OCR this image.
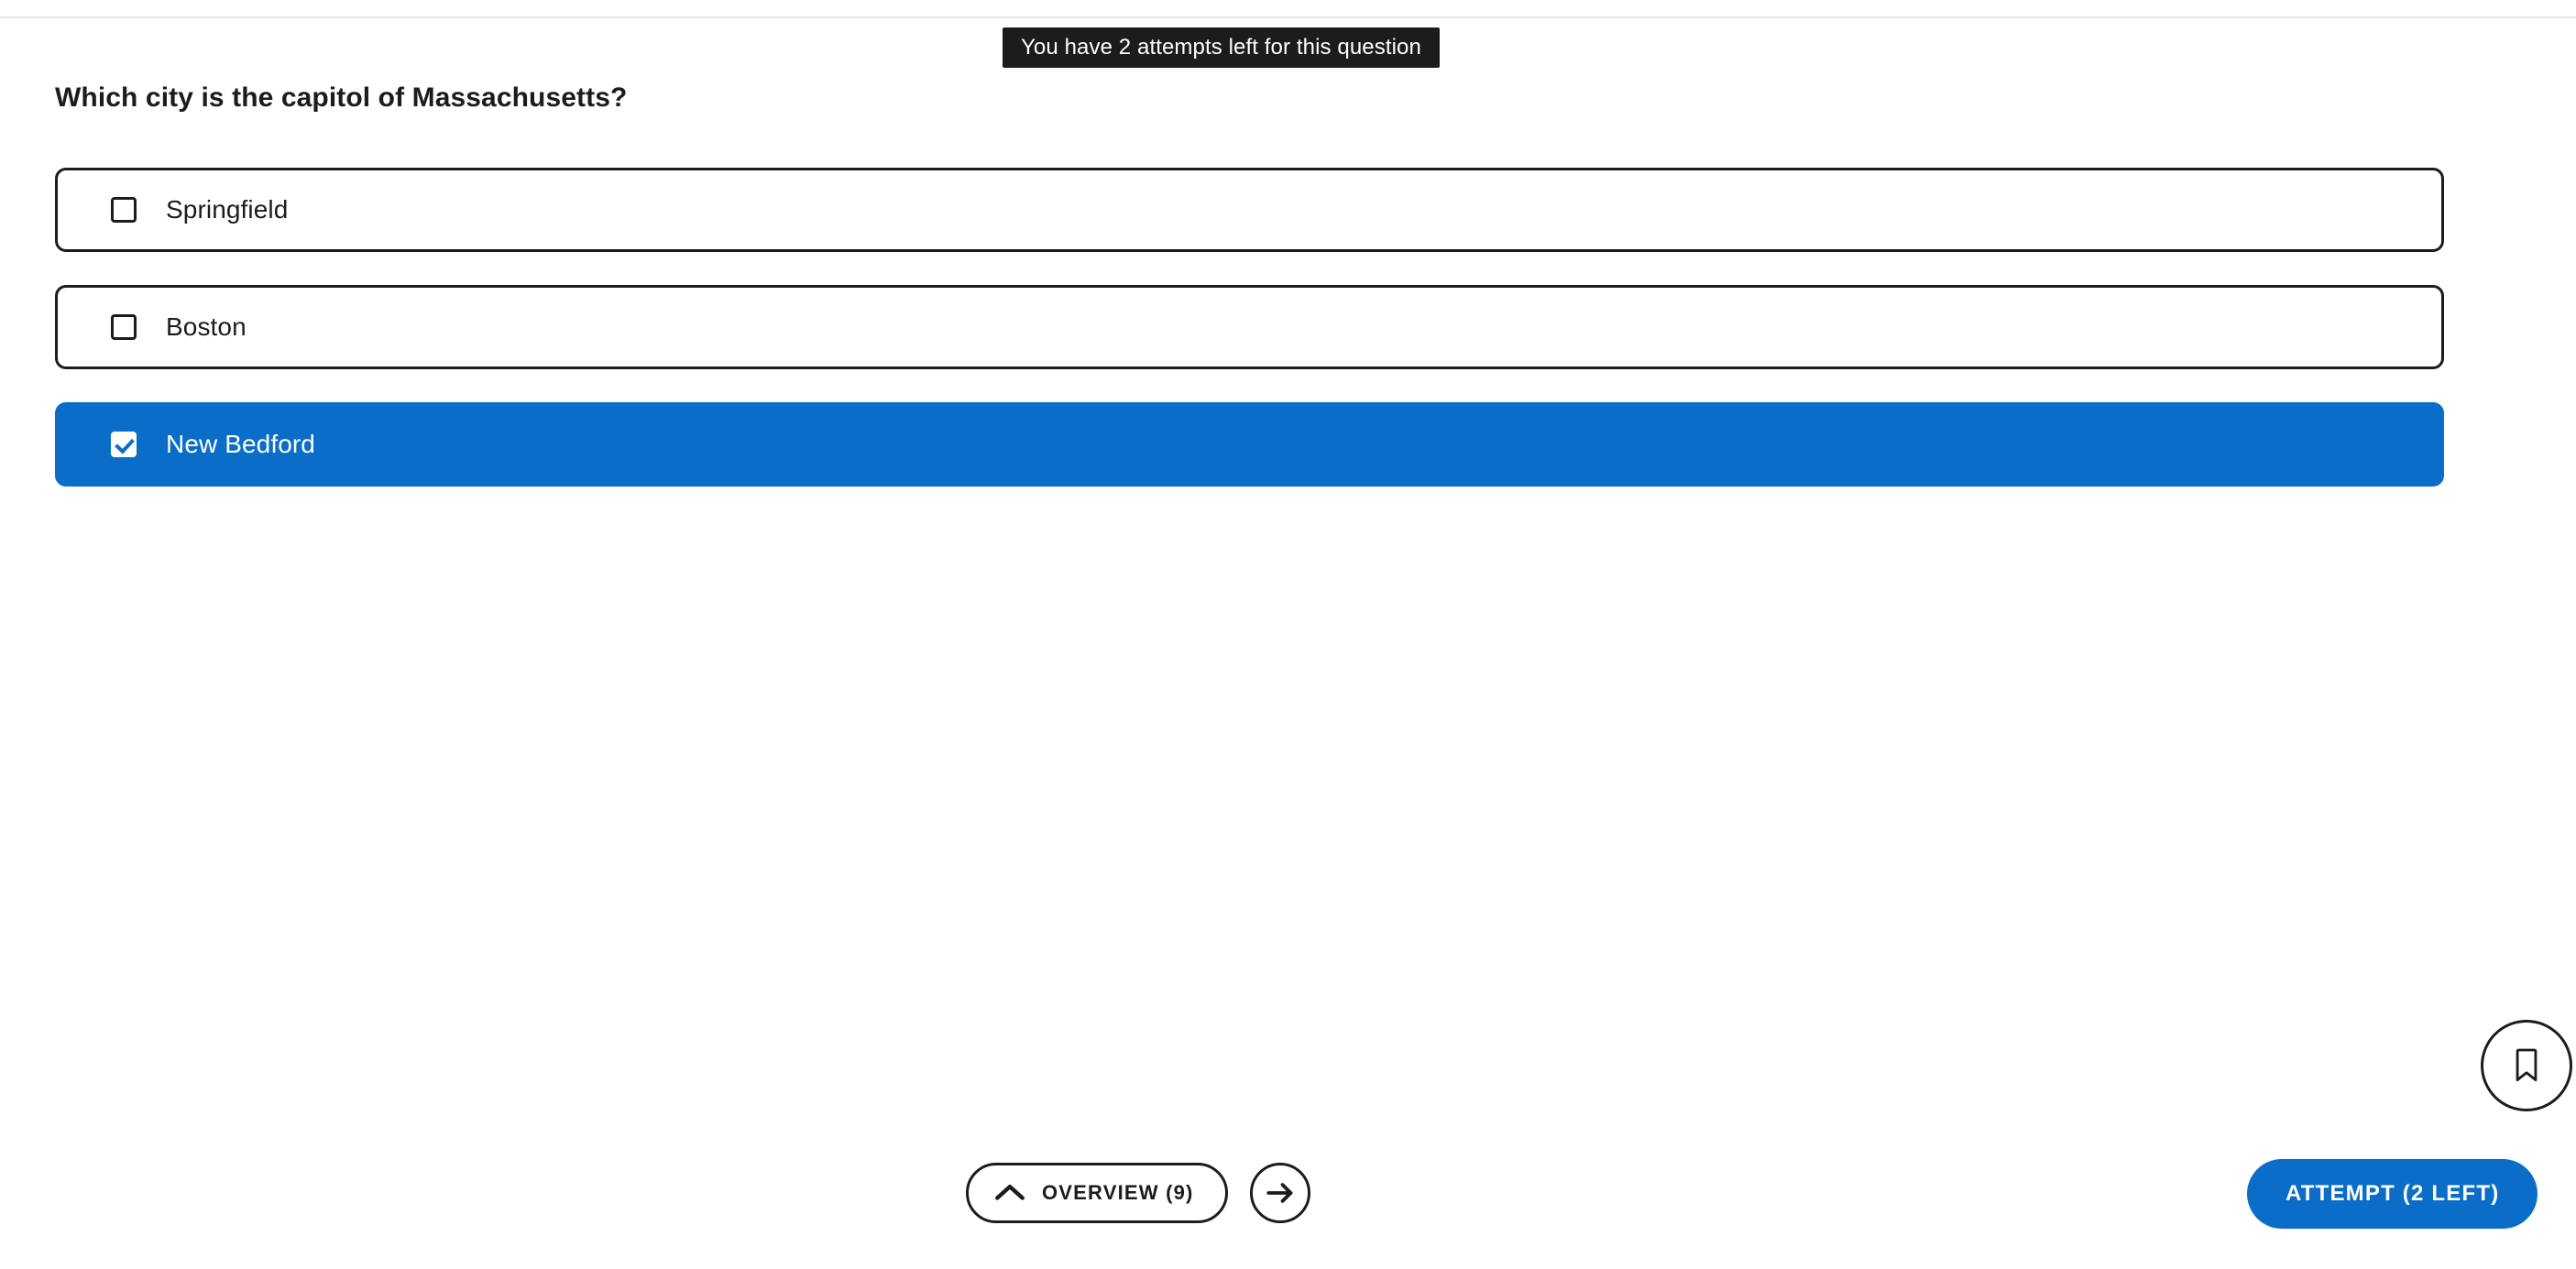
You have 2 attempts left for this question
Which city is the capitol of Massachusetts?
Springfield
Boston
New Bedford
OVERVIEW (9)	ATTEMPT (2 LEFT)
